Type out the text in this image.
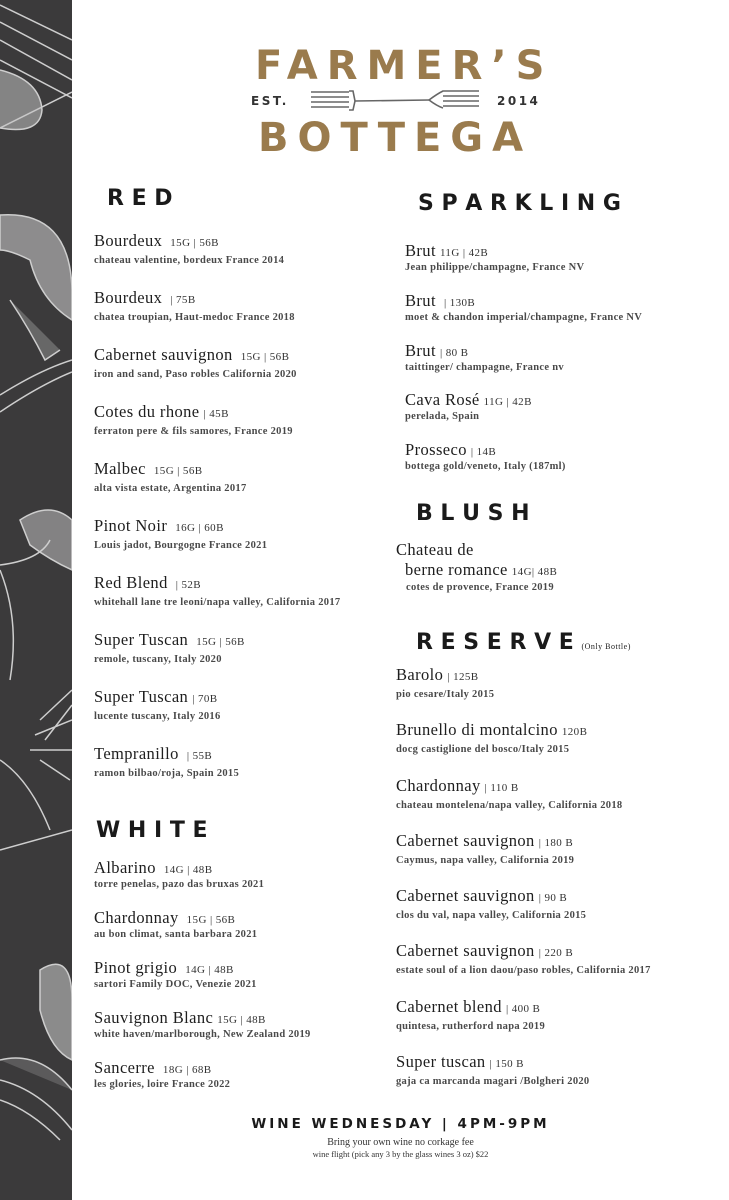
FARMER’S
EST.	2014
BOTTEGA
R E D
Bourdeux 15G | 56B
chateau valentine, bordeux France 2014
Bourdeux | 75B
chatea troupian, Haut-medoc France 2018
Cabernet sauvignon 15G | 56B
iron and sand, Paso robles California 2020
Cotes du rhone | 45B
ferraton pere & fils samores, France 2019
Malbec 15G | 56B
alta vista estate, Argentina 2017
Pinot Noir 16G | 60B
Louis jadot, Bourgogne France 2021
Red Blend | 52B
whitehall lane tre leoni/napa valley, California 2017
Super Tuscan 15G | 56B
remole, tuscany, Italy 2020
Super Tuscan | 70B
lucente tuscany, Italy 2016
Tempranillo | 55B
ramon bilbao/roja, Spain 2015
W H I T E
Albarino 14G | 48B
torre penelas, pazo das bruxas 2021
Chardonnay 15G | 56B
au bon climat, santa barbara 2021
Pinot grigio 14G | 48B
sartori Family DOC, Venezie 2021
Sauvignon Blanc 15G | 48B
white haven/marlborough, New Zealand 2019
Sancerre 18G | 68B
les glories, loire France 2022
S P A R K L I N G
Brut 11G | 42B
Jean philippe/champagne, France NV
Brut | 130B
moet & chandon imperial/champagne, France NV
Brut | 80 B
taittinger/ champagne, France nv
Cava Rosé 11G | 42B
perelada, Spain
Prosseco | 14B
bottega gold/veneto, Italy (187ml)
B L U S H
Chateau de
berne romance 14G| 48B
cotes de provence, France 2019
R E S E R V E (Only Bottle)
Barolo | 125B
pio cesare/Italy 2015
Brunello di montalcino 120B
docg castiglione del bosco/Italy 2015
Chardonnay | 110 B
chateau montelena/napa valley, California 2018
Cabernet sauvignon | 180 B
Caymus, napa valley, California 2019
Cabernet sauvignon | 90 B
clos du val, napa valley, California 2015
Cabernet sauvignon | 220 B
estate soul of a lion daou/paso robles, California 2017
Cabernet blend | 400 B
quintesa, rutherford napa 2019
Super tuscan | 150 B
gaja ca marcanda magari /Bolgheri 2020
WINE WEDNESDAY | 4PM-9PM
Bring your own wine no corkage fee
wine flight (pick any 3 by the glass wines 3 oz) $22
